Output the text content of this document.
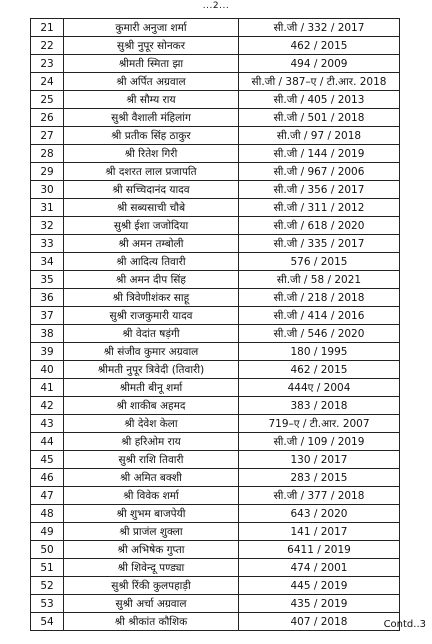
...2...
21	कुमारी अनुजा शर्मा	सी.जी / 332 / 2017
22	सुश्री नुपूर सोनकर	462 / 2015
23	श्रीमती स्मिता झा	494 / 2009
24	श्री अर्पित अग्रवाल	सी.जी / 387–ए / टी.आर. 2018
25	श्री सौम्य राय	सी.जी / 405 / 2013
26	सुश्री वैशाली मंहिलांग	सी.जी / 501 / 2018
27	श्री प्रतीक सिंह ठाकुर	सी.जी / 97 / 2018
28	श्री रितेश गिरी	सी.जी / 144 / 2019
29	श्री दशरत लाल प्रजापति	सी.जी / 967 / 2006
30	श्री सच्चिदानंद यादव	सी.जी / 356 / 2017
31	श्री सब्यसाची चौबे	सी.जी / 311 / 2012
32	सुश्री ईशा जजोदिया	सी.जी / 618 / 2020
33	श्री अमन तम्बोली	सी.जी / 335 / 2017
34	श्री आदित्य तिवारी	576 / 2015
35	श्री अमन दीप सिंह	सी.जी / 58 / 2021
36	श्री त्रिवेणीशंकर साहू	सी.जी / 218 / 2018
37	सुश्री राजकुमारी यादव	सी.जी / 414 / 2016
38	श्री वेदांत षड़ंगी	सी.जी / 546 / 2020
39	श्री संजीव कुमार अग्रवाल	180 / 1995
40	श्रीमती नुपूर त्रिवेदी (तिवारी)	462 / 2015
41	श्रीमती बीनू शर्मा	444ए / 2004
42	श्री शाकीब अहमद	383 / 2018
43	श्री देवेश केला	719–ए / टी.आर. 2007
44	श्री हरिओम राय	सी.जी / 109 / 2019
45	सुश्री राशि तिवारी	130 / 2017
46	श्री अमित बक्शी	283 / 2015
47	श्री विवेक शर्मा	सी.जी / 377 / 2018
48	श्री शुभम बाजपेयी	643 / 2020
49	श्री प्राजंल शुक्ला	141 / 2017
50	श्री अभिषेक गुप्ता	6411 / 2019
51	श्री शिवेन्दू पण्ड्या	474 / 2001
52	सुश्री रिंकी कुलपहाड़ी	445 / 2019
53	सुश्री अर्चा अग्रवाल	435 / 2019
54	श्री श्रीकांत कौशिक	407 / 2018	Contd..3
